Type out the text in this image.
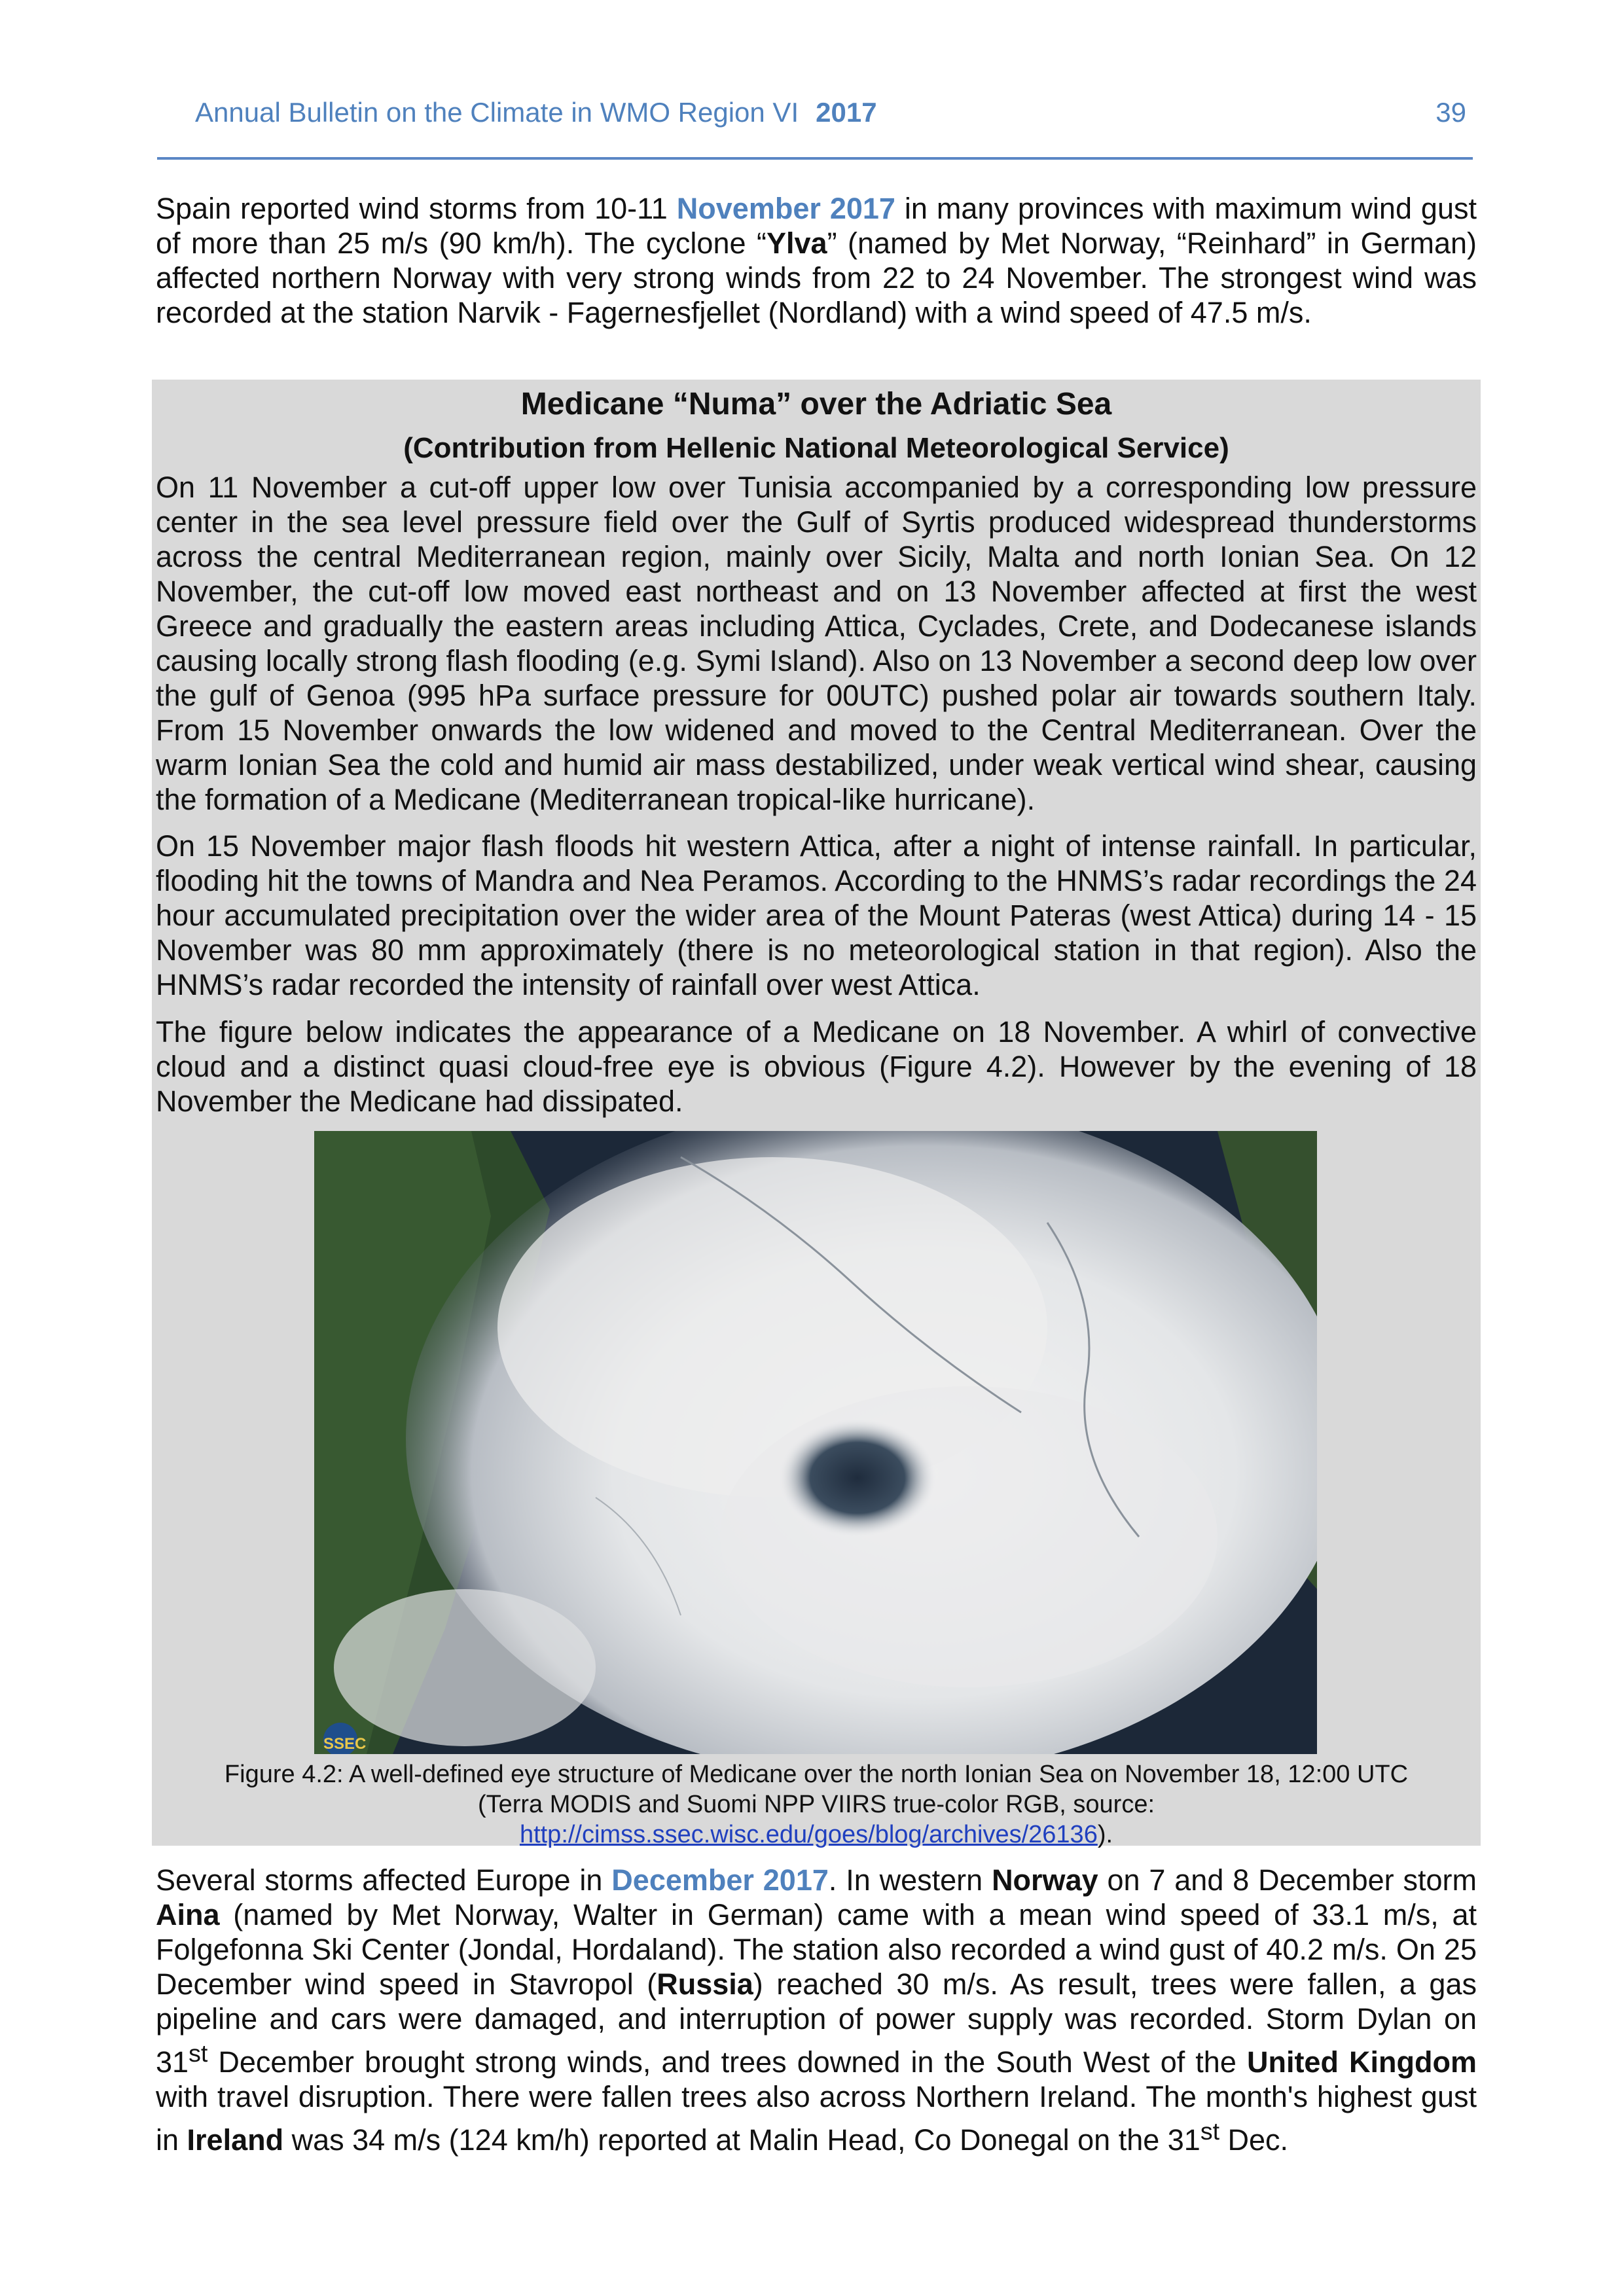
Annual Bulletin on the Climate in WMO Region VI 2017	39

Spain reported wind storms from 10-11 November 2017 in many provinces with maximum wind gust of more than 25 m/s (90 km/h). The cyclone “Ylva” (named by Met Norway, “Reinhard” in German) affected northern Norway with very strong winds from 22 to 24 November. The strongest wind was recorded at the station Narvik - Fagernesfjellet (Nordland) with a wind speed of 47.5 m/s.

Medicane “Numa” over the Adriatic Sea
(Contribution from Hellenic National Meteorological Service)

On 11 November a cut-off upper low over Tunisia accompanied by a corresponding low pressure center in the sea level pressure field over the Gulf of Syrtis produced widespread thunderstorms across the central Mediterranean region, mainly over Sicily, Malta and north Ionian Sea. On 12 November, the cut-off low moved east northeast and on 13 November affected at first the west Greece and gradually the eastern areas including Attica, Cyclades, Crete, and Dodecanese islands causing locally strong flash flooding (e.g. Symi Island). Also on 13 November a second deep low over the gulf of Genoa (995 hPa surface pressure for 00UTC) pushed polar air towards southern Italy. From 15 November onwards the low widened and moved to the Central Mediterranean. Over the warm Ionian Sea the cold and humid air mass destabilized, under weak vertical wind shear, causing the formation of a Medicane (Mediterranean tropical-like hurricane).

On 15 November major flash floods hit western Attica, after a night of intense rainfall. In particular, flooding hit the towns of Mandra and Nea Peramos. According to the HNMS’s radar recordings the 24 hour accumulated precipitation over the wider area of the Mount Pateras (west Attica) during 14 - 15 November was 80 mm approximately (there is no meteorological station in that region). Also the HNMS’s radar recorded the intensity of rainfall over west Attica.

The figure below indicates the appearance of a Medicane on 18 November. A whirl of convective cloud and a distinct quasi cloud-free eye is obvious (Figure 4.2). However by the evening of 18 November the Medicane had dissipated.

SSEC
Figure 4.2: A well-defined eye structure of Medicane over the north Ionian Sea on November 18, 12:00 UTC
(Terra MODIS and Suomi NPP VIIRS true-color RGB, source:
http://cimss.ssec.wisc.edu/goes/blog/archives/26136).

Several storms affected Europe in December 2017. In western Norway on 7 and 8 December storm Aina (named by Met Norway, Walter in German) came with a mean wind speed of 33.1 m/s, at Folgefonna Ski Center (Jondal, Hordaland). The station also recorded a wind gust of 40.2 m/s. On 25 December wind speed in Stavropol (Russia) reached 30 m/s. As result, trees were fallen, a gas pipeline and cars were damaged, and interruption of power supply was recorded. Storm Dylan on 31st December brought strong winds, and trees downed in the South West of the United Kingdom with travel disruption. There were fallen trees also across Northern Ireland. The month's highest gust in Ireland was 34 m/s (124 km/h) reported at Malin Head, Co Donegal on the 31st Dec.
